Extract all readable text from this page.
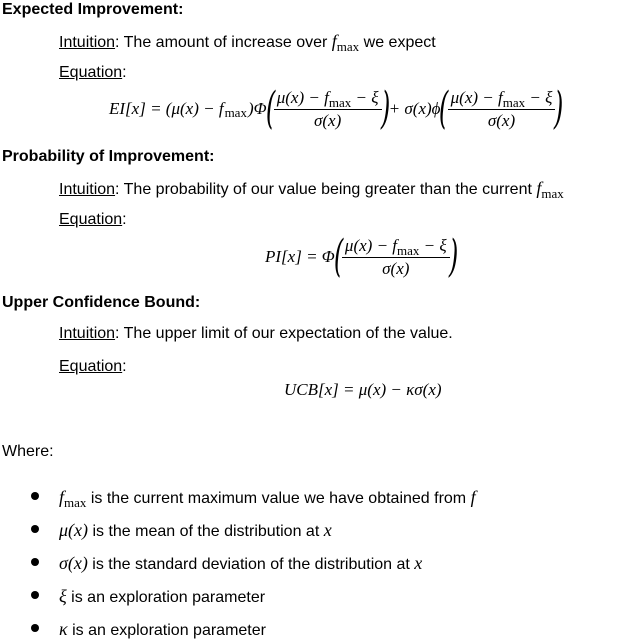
Expected Improvement:
Intuition: The amount of increase over $f_{max}$ we expect
Equation:
EI[x] = (μ(x) − f max )Φ
(
$\frac{\mu(x) - f_{max} - \xi}{\sigma(x)}$
)
+ σ(x)ϕ
(
$\frac{\mu(x) - f_{max} - \xi}{\sigma(x)}$
)
Probability of Improvement:
Intuition: The probability of our value being greater than the current $f_{max}$
Equation:
PI[x] = Φ
(
$\frac{\mu(x) - f_{max} - \xi}{\sigma(x)}$
)
Upper Confidence Bound:
Intuition: The upper limit of our expectation of the value.
Equation:
UCB[x] = μ(x) − κσ(x)
Where:
$f_{max}$ is the current maximum value we have obtained from f
μ(x) is the mean of the distribution at x
σ(x) is the standard deviation of the distribution at x
ξ is an exploration parameter
κ is an exploration parameter
